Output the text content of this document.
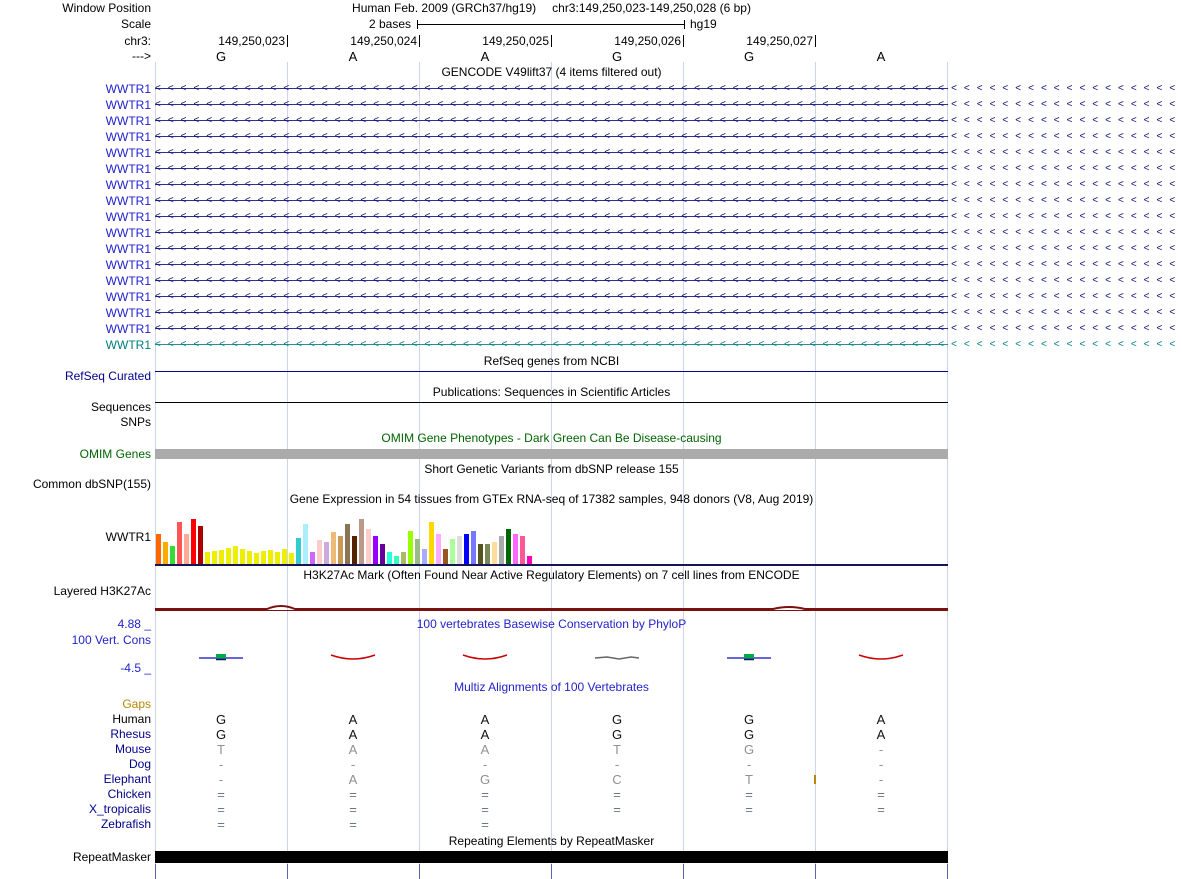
Window Position	Human Feb. 2009 (GRCh37/hg19) chr3:149,250,023-149,250,028 (6 bp)
Scale	2 bases	hg19
chr3:	149,250,023	149,250,024	149,250,025	149,250,026	149,250,027
--->	G	A	A	G	G	A
GENCODE V49lift37 (4 items filtered out)
WWTR1 <<<<<<<<<<<<<<<<<<<<<<<<<<<<<<<<<<<<<<<<<<<<<<<<<<<<<<<<<<<<<<<<<<<<<<<<<<<<<<<<
WWTR1 <<<<<<<<<<<<<<<<<<<<<<<<<<<<<<<<<<<<<<<<<<<<<<<<<<<<<<<<<<<<<<<<<<<<<<<<<<<<<<<<
WWTR1 <<<<<<<<<<<<<<<<<<<<<<<<<<<<<<<<<<<<<<<<<<<<<<<<<<<<<<<<<<<<<<<<<<<<<<<<<<<<<<<<
WWTR1 <<<<<<<<<<<<<<<<<<<<<<<<<<<<<<<<<<<<<<<<<<<<<<<<<<<<<<<<<<<<<<<<<<<<<<<<<<<<<<<<
WWTR1 <<<<<<<<<<<<<<<<<<<<<<<<<<<<<<<<<<<<<<<<<<<<<<<<<<<<<<<<<<<<<<<<<<<<<<<<<<<<<<<<
WWTR1 <<<<<<<<<<<<<<<<<<<<<<<<<<<<<<<<<<<<<<<<<<<<<<<<<<<<<<<<<<<<<<<<<<<<<<<<<<<<<<<<
WWTR1 <<<<<<<<<<<<<<<<<<<<<<<<<<<<<<<<<<<<<<<<<<<<<<<<<<<<<<<<<<<<<<<<<<<<<<<<<<<<<<<<
WWTR1 <<<<<<<<<<<<<<<<<<<<<<<<<<<<<<<<<<<<<<<<<<<<<<<<<<<<<<<<<<<<<<<<<<<<<<<<<<<<<<<<
WWTR1 <<<<<<<<<<<<<<<<<<<<<<<<<<<<<<<<<<<<<<<<<<<<<<<<<<<<<<<<<<<<<<<<<<<<<<<<<<<<<<<<
WWTR1 <<<<<<<<<<<<<<<<<<<<<<<<<<<<<<<<<<<<<<<<<<<<<<<<<<<<<<<<<<<<<<<<<<<<<<<<<<<<<<<<
WWTR1 <<<<<<<<<<<<<<<<<<<<<<<<<<<<<<<<<<<<<<<<<<<<<<<<<<<<<<<<<<<<<<<<<<<<<<<<<<<<<<<<
WWTR1 <<<<<<<<<<<<<<<<<<<<<<<<<<<<<<<<<<<<<<<<<<<<<<<<<<<<<<<<<<<<<<<<<<<<<<<<<<<<<<<<
WWTR1 <<<<<<<<<<<<<<<<<<<<<<<<<<<<<<<<<<<<<<<<<<<<<<<<<<<<<<<<<<<<<<<<<<<<<<<<<<<<<<<<
WWTR1 <<<<<<<<<<<<<<<<<<<<<<<<<<<<<<<<<<<<<<<<<<<<<<<<<<<<<<<<<<<<<<<<<<<<<<<<<<<<<<<<
WWTR1 <<<<<<<<<<<<<<<<<<<<<<<<<<<<<<<<<<<<<<<<<<<<<<<<<<<<<<<<<<<<<<<<<<<<<<<<<<<<<<<<
WWTR1 <<<<<<<<<<<<<<<<<<<<<<<<<<<<<<<<<<<<<<<<<<<<<<<<<<<<<<<<<<<<<<<<<<<<<<<<<<<<<<<<
WWTR1 <<<<<<<<<<<<<<<<<<<<<<<<<<<<<<<<<<<<<<<<<<<<<<<<<<<<<<<<<<<<<<<<<<<<<<<<<<<<<<<<
RefSeq genes from NCBI
RefSeq Curated
Publications: Sequences in Scientific Articles
Sequences
SNPs
OMIM Gene Phenotypes - Dark Green Can Be Disease-causing
OMIM Genes
Short Genetic Variants from dbSNP release 155
Common dbSNP(155)
Gene Expression in 54 tissues from GTEx RNA-seq of 17382 samples, 948 donors (V8, Aug 2019)
WWTR1
H3K27Ac Mark (Often Found Near Active Regulatory Elements) on 7 cell lines from ENCODE
Layered H3K27Ac
4.88 _	100 vertebrates Basewise Conservation by PhyloP
100 Vert. Cons
-4.5 _
Multiz Alignments of 100 Vertebrates
Gaps
Human	G	A	A	G	G	A
Rhesus	G	A	A	G	G	A
Mouse	T	A	A	T	G	-
Dog	-	-	-	-	-	-
Elephant	-	A	G	C	T	-
Chicken	=	=	=	=	=	=
X_tropicalis	=	=	=	=	=	=
Zebrafish	=	=	=
Repeating Elements by RepeatMasker
RepeatMasker
